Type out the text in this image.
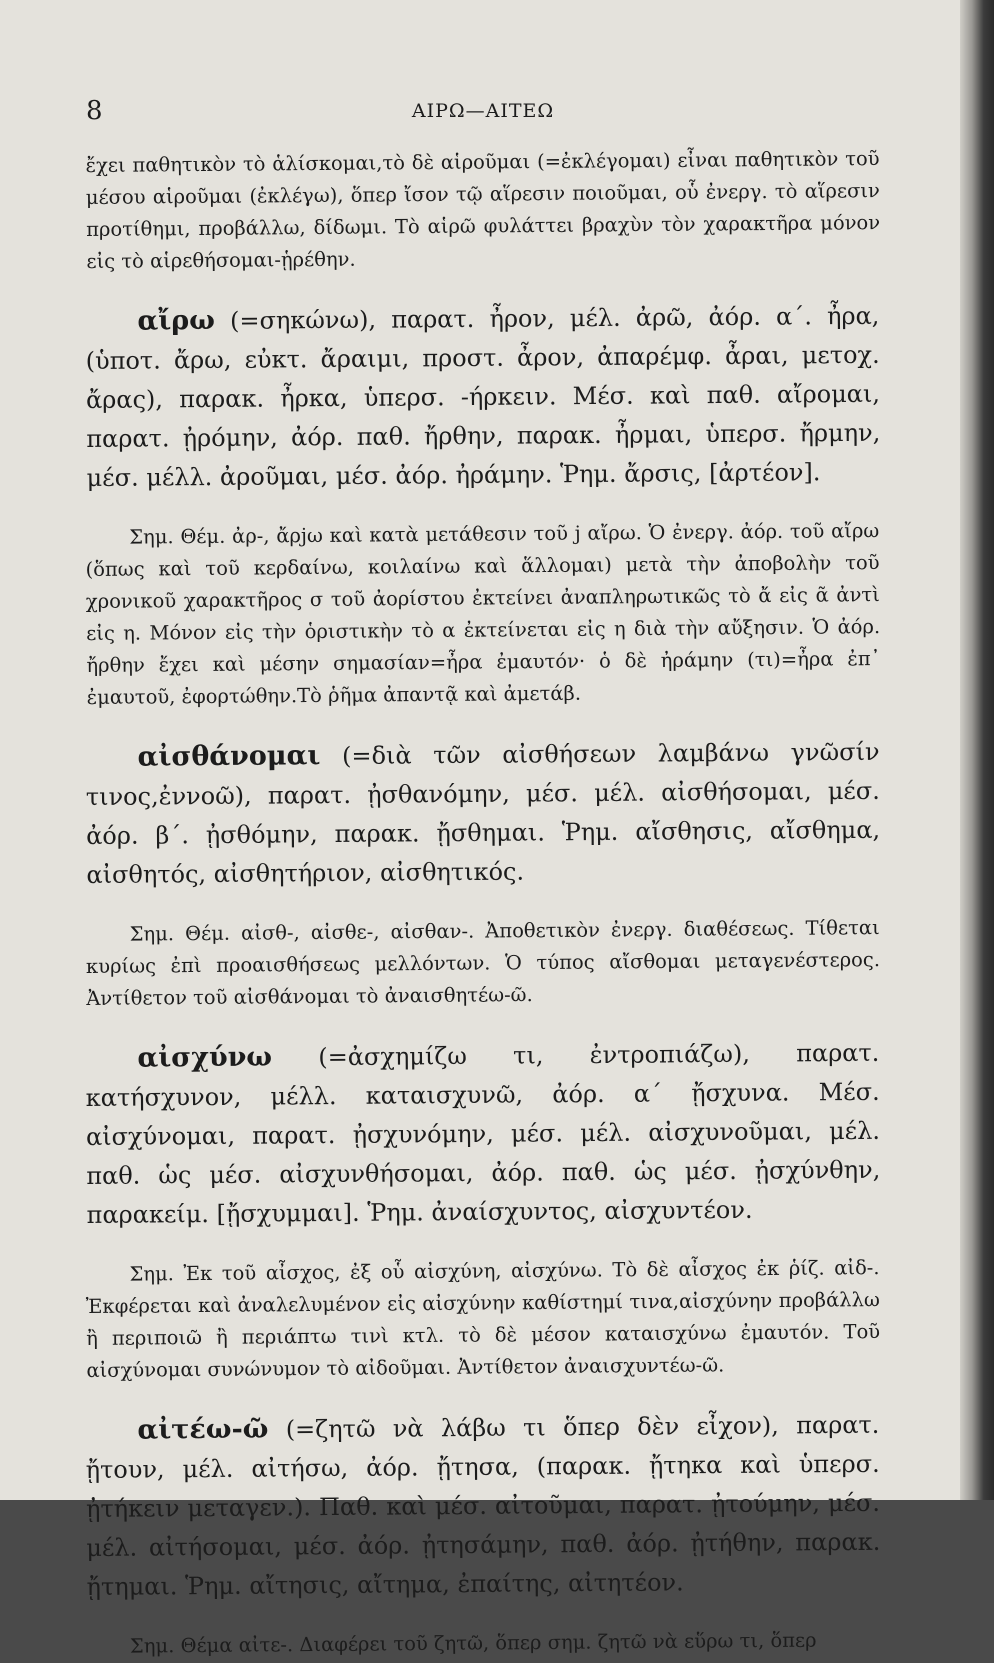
8	ΑΙΡΩ—ΑΙΤΕΩ

ἔχει παθητικὸν τὸ ἁλίσκομαι,τὸ δὲ αἱροῦμαι (=ἐκλέγομαι) εἶναι παθητικὸν τοῦ μέσου αἱροῦμαι (ἐκλέγω), ὅπερ ἴσον τῷ αἵρεσιν ποιοῦμαι, οὗ ἐνεργ. τὸ αἵρεσιν προτίθημι, προβάλλω, δίδωμι. Τὸ αἱρῶ φυλάττει βραχὺν τὸν χαρακτῆρα μόνον εἰς τὸ αἱρεθήσομαι-ᾑρέθην.

αἴρω (=σηκώνω), παρατ. ἦρον, μέλ. ἀρῶ, ἀόρ. α΄. ἦρα, (ὑποτ. ἄρω, εὐκτ. ἄραιμι, προστ. ἆρον, ἀπαρέμφ. ἆραι, μετοχ. ἄρας), παρακ. ἦρκα, ὑπερσ. -ήρκειν. Μέσ. καὶ παθ. αἴρομαι, παρατ. ᾐρόμην, ἀόρ. παθ. ἤρθην, παρακ. ἦρμαι, ὑπερσ. ἤρμην, μέσ. μέλλ. ἀροῦμαι, μέσ. ἀόρ. ἠράμην. Ῥημ. ἄρσις, [ἀρτέον].

Σημ. Θέμ. ἀρ-, ἄρjω καὶ κατὰ μετάθεσιν τοῦ j αἴρω. Ὁ ἐνεργ. ἀόρ. τοῦ αἴρω (ὅπως καὶ τοῦ κερδαίνω, κοιλαίνω καὶ ἅλλομαι) μετὰ τὴν ἀποβολὴν τοῦ χρονικοῦ χαρακτῆρος σ τοῦ ἀορίστου ἐκτείνει ἀναπληρωτικῶς τὸ ἄ εἰς ᾶ ἀντὶ εἰς η. Μόνον εἰς τὴν ὁριστικὴν τὸ α ἐκτείνεται εἰς η διὰ τὴν αὔξησιν. Ὁ ἀόρ. ἤρθην ἔχει καὶ μέσην σημασίαν=ἦρα ἐμαυτόν· ὁ δὲ ἠράμην (τι)=ἦρα ἐπ᾽ ἐμαυτοῦ, ἐφορτώθην.Τὸ ῥῆμα ἀπαντᾷ καὶ ἀμετάβ.

αἰσθάνομαι (=διὰ τῶν αἰσθήσεων λαμβάνω γνῶσίν τινος,ἐννοῶ), παρατ. ᾐσθανόμην, μέσ. μέλ. αἰσθήσομαι, μέσ. ἀόρ. β΄. ᾐσθόμην, παρακ. ᾔσθημαι. Ῥημ. αἴσθησις, αἴσθημα, αἰσθητός, αἰσθητήριον, αἰσθητικός.

Σημ. Θέμ. αἰσθ-, αἰσθε-, αἰσθαν-. Ἀποθετικὸν ἐνεργ. διαθέσεως. Τίθεται κυρίως ἐπὶ προαισθήσεως μελλόντων. Ὁ τύπος αἴσθομαι μεταγενέστερος. Ἀντίθετον τοῦ αἰσθάνομαι τὸ ἀναισθητέω-ῶ.

αἰσχύνω (=ἀσχημίζω τι, ἐντροπιάζω), παρατ. κατήσχυνον, μέλλ. καταισχυνῶ, ἀόρ. α΄ ᾔσχυνα. Μέσ. αἰσχύνομαι, παρατ. ᾐσχυνόμην, μέσ. μέλ. αἰσχυνοῦμαι, μέλ. παθ. ὡς μέσ. αἰσχυνθήσομαι, ἀόρ. παθ. ὡς μέσ. ᾐσχύνθην, παρακείμ. [ᾔσχυμμαι]. Ῥημ. ἀναίσχυντος, αἰσχυντέον.

Σημ. Ἐκ τοῦ αἶσχος, ἐξ οὗ αἰσχύνη, αἰσχύνω. Τὸ δὲ αἶσχος ἐκ ῥίζ. αἰδ-. Ἐκφέρεται καὶ ἀναλελυμένον εἰς αἰσχύνην καθίστημί τινα,αἰσχύνην προβάλλω ἢ περιποιῶ ἢ περιάπτω τινὶ κτλ. τὸ δὲ μέσον καταισχύνω ἐμαυτόν. Τοῦ αἰσχύνομαι συνώνυμον τὸ αἰδοῦμαι. Ἀντίθετον ἀναισχυντέω-ῶ.

αἰτέω-ῶ (=ζητῶ νὰ λάβω τι ὅπερ δὲν εἶχον), παρατ. ᾔτουν, μέλ. αἰτήσω, ἀόρ. ᾔτησα, (παρακ. ᾔτηκα καὶ ὑπερσ. ᾐτήκειν μεταγεν.). Παθ. καὶ μέσ. αἰτοῦμαι, παρατ. ᾐτούμην, μέσ. μέλ. αἰτήσομαι, μέσ. ἀόρ. ᾐτησάμην, παθ. ἀόρ. ᾐτήθην, παρακ. ᾔτημαι. Ῥημ. αἴτησις, αἴτημα, ἐπαίτης, αἰτητέον.

Σημ. Θέμα αἰτε-. Διαφέρει τοῦ ζητῶ, ὅπερ σημ. ζητῶ νὰ εὕρω τι, ὅπερ
